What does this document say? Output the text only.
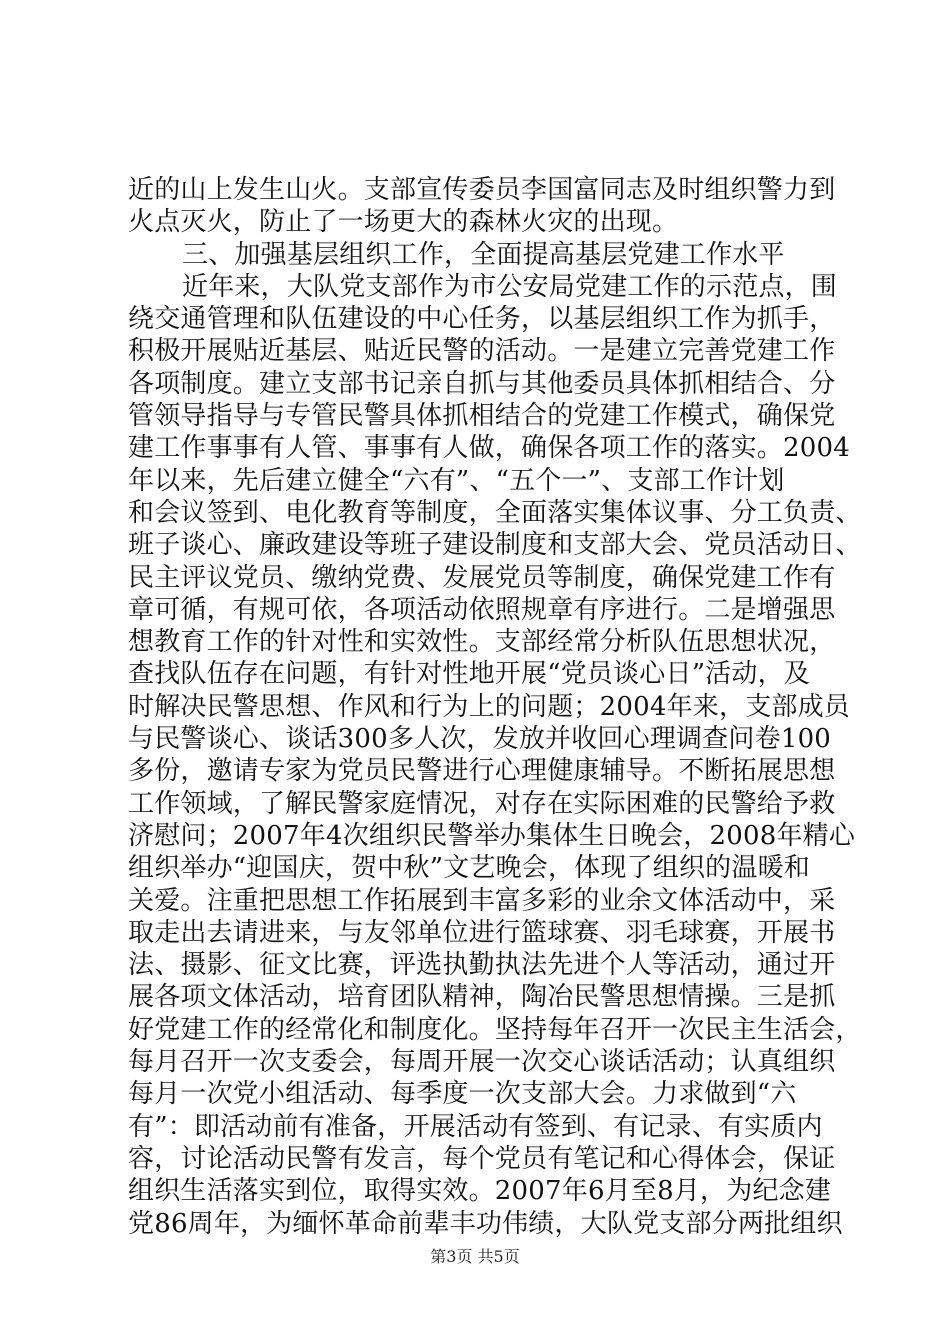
近的山上发生山火。支部宣传委员李国富同志及时组织警力到
火点灭火，防止了一场更大的森林火灾的出现。
三、加强基层组织工作，全面提高基层党建工作水平
近年来，大队党支部作为市公安局党建工作的示范点，围
绕交通管理和队伍建设的中心任务，以基层组织工作为抓手，
积极开展贴近基层、贴近民警的活动。一是建立完善党建工作
各项制度。建立支部书记亲自抓与其他委员具体抓相结合、分
管领导指导与专管民警具体抓相结合的党建工作模式，确保党
建工作事事有人管、事事有人做，确保各项工作的落实。2004
年以来，先后建立健全“六有”、“五个一”、支部工作计划
和会议签到、电化教育等制度，全面落实集体议事、分工负责、
班子谈心、廉政建设等班子建设制度和支部大会、党员活动日、
民主评议党员、缴纳党费、发展党员等制度，确保党建工作有
章可循，有规可依，各项活动依照规章有序进行。二是增强思
想教育工作的针对性和实效性。支部经常分析队伍思想状况，
查找队伍存在问题，有针对性地开展“党员谈心日”活动，及
时解决民警思想、作风和行为上的问题；2004年来，支部成员
与民警谈心、谈话300多人次，发放并收回心理调查问卷100
多份，邀请专家为党员民警进行心理健康辅导。不断拓展思想
工作领域，了解民警家庭情况，对存在实际困难的民警给予救
济慰问；2007年4次组织民警举办集体生日晚会，2008年精心
组织举办“迎国庆，贺中秋”文艺晚会，体现了组织的温暖和
关爱。注重把思想工作拓展到丰富多彩的业余文体活动中，采
取走出去请进来，与友邻单位进行篮球赛、羽毛球赛，开展书
法、摄影、征文比赛，评选执勤执法先进个人等活动，通过开
展各项文体活动，培育团队精神，陶冶民警思想情操。三是抓
好党建工作的经常化和制度化。坚持每年召开一次民主生活会，
每月召开一次支委会，每周开展一次交心谈话活动；认真组织
每月一次党小组活动、每季度一次支部大会。力求做到“六
有”：即活动前有准备，开展活动有签到、有记录、有实质内
容，讨论活动民警有发言，每个党员有笔记和心得体会，保证
组织生活落实到位，取得实效。2007年6月至8月，为纪念建
党86周年，为缅怀革命前辈丰功伟绩，大队党支部分两批组织
第3页 共5页
